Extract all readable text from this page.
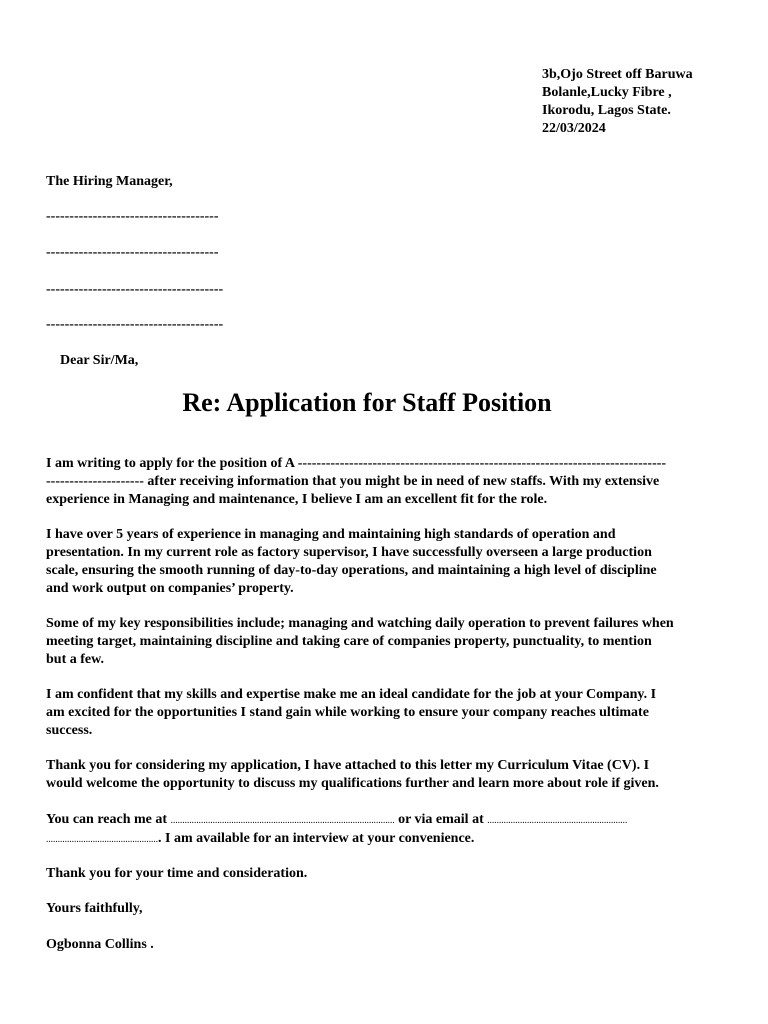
3b,Ojo Street off Baruwa
Bolanle,Lucky Fibre ,
Ikorodu, Lagos State.
22/03/2024
The Hiring Manager,
-------------------------------------
-------------------------------------
--------------------------------------
--------------------------------------
Dear Sir/Ma,
Re: Application for Staff Position
I am writing to apply for the position of A -------------------------------------------------------------------------------
--------------------- after receiving information that you might be in need of new staffs. With my extensive
experience in Managing and maintenance, I believe I am an excellent fit for the role.
I have over 5 years of experience in managing and maintaining high standards of operation and
presentation. In my current role as factory supervisor, I have successfully overseen a large production
scale, ensuring the smooth running of day-to-day operations, and maintaining a high level of discipline
and work output on companies’ property.
Some of my key responsibilities include; managing and watching daily operation to prevent failures when
meeting target, maintaining discipline and taking care of companies property, punctuality, to mention
but a few.
I am confident that my skills and expertise make me an ideal candidate for the job at your Company. I
am excited for the opportunities I stand gain while working to ensure your company reaches ultimate
success.
Thank you for considering my application, I have attached to this letter my Curriculum Vitae (CV). I
would welcome the opportunity to discuss my qualifications further and learn more about role if given.
You can reach me at …………………………………………………………………………………… or via email at ……………………………………………………
…………………………………………. I am available for an interview at your convenience.
Thank you for your time and consideration.
Yours faithfully,
Ogbonna Collins .
